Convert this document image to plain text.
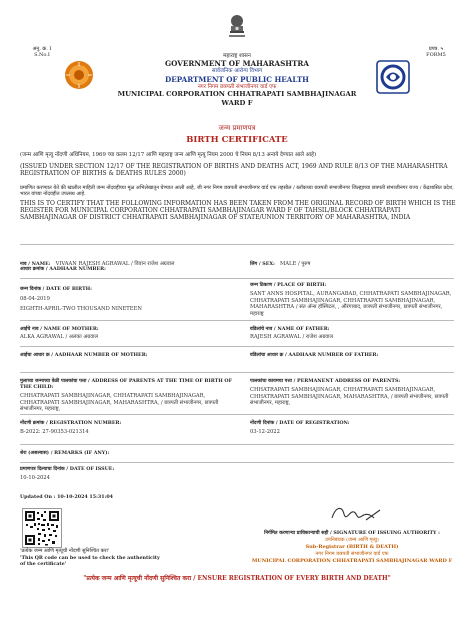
अनु. क्र. I
S.No.I
प्रपत्र. ५
FORM5
महाराष्ट्र शासन
GOVERNMENT OF MAHARASHTRA
सार्वजनिक आरोग्य विभाग
DEPARTMENT OF PUBLIC HEALTH
नगर निगम छत्रपती संभाजीनगर वार्ड एफ
MUNICIPAL CORPORATION CHHATRAPATI SAMBHAJINAGAR
WARD F
जन्म प्रमाणपत्र
BIRTH CERTIFICATE
(जन्म आणि मृत्यु नोंदणी अधिनियम, 1969 च्या कलम 12/17 आणि महाराष्ट्र जन्म आणि मृत्यू नियम 2000 चे नियम 8/13 अन्वये देण्यात आले आहे)
(ISSUED UNDER SECTION 12/17 OF THE REGISTRATION OF BIRTHS AND DEATHS ACT, 1969 AND RULE 8/13 OF THE MAHARASHTRA REGISTRATION OF BIRTHS & DEATHS RULES 2000)
प्रमाणित करण्यात येते की खालील माहिती जन्म नोंदवहीच्या मूळ अभिलेखातून घेण्यात आली आहे, जी नगर निगम छत्रपती संभाजीनगर वार्ड एफ तहसील / ब्लॉकच्या छत्रपती संभाजीनगर जिल्ह्याच्या छत्रपती संभाजीनगर राज्य / केंद्रशासित प्रदेश, भारत यांच्या नोंदवहीत उपलब्ध आहे.
THIS IS TO CERTIFY THAT THE FOLLOWING INFORMATION HAS BEEN TAKEN FROM THE ORIGINAL RECORD OF BIRTH WHICH IS THE REGISTER FOR MUNICIPAL CORPORATION CHHATRAPATI SAMBHAJINAGAR WARD F OF TAHSIL/BLOCK CHHATRAPATI SAMBHAJINAGAR OF DISTRICT CHHATRAPATI SAMBHAJINAGAR OF STATE/UNION TERRITORY OF MAHARASHTRA, INDIA
नाव / NAME: VIVAAN RAJESH AGRAWAL / विवान राजेश अग्रवाल	लिंग / SEX: MALE / पुरुष
आधार क्रमांक / AADHAAR NUMBER:
जन्म दिनांक / DATE OF BIRTH:
08-04-2019
EIGHTH-APRIL-TWO THOUSAND NINETEEN
जन्म ठिकाण / PLACE OF BIRTH:
SANT ANNS HOSPITAL, AURANGABAD, CHHATRAPATI SAMBHAJINAGAR, CHHATRAPATI SAMBHAJINAGAR, CHHATRAPATI SAMBHAJINAGAR, MAHARASHTRA / संत ॲन्स हॉस्पिटल, , औरंगाबाद, छत्रपती संभाजीनगर, छत्रपती संभाजीनगर, महाराष्ट्र
आईचे नाव / NAME OF MOTHER:
ALKA AGRAWAL / अलका अग्रवाल
वडिलांचे नाव / NAME OF FATHER:
RAJESH AGRAWAL / राजेश अग्रवाल
आईचा आधार क्र / AADHAAR NUMBER OF MOTHER:	वडिलांचा आधार क्र / AADHAAR NUMBER OF FATHER:
मुलाच्या जन्माच्या वेळी पालकांचा पत्ता / ADDRESS OF PARENTS AT THE TIME OF BIRTH OF THE CHILD:
CHHATRAPATI SAMBHAJINAGAR, CHHATRAPATI SAMBHAJINAGAR, CHHATRAPATI SAMBHAJINAGAR, MAHARASHTRA, / छत्रपती संभाजीनगर, छत्रपती संभाजीनगर, महाराष्ट्र,
पालकांचा कायमचा पत्ता / PERMANENT ADDRESS OF PARENTS:
CHHATRAPATI SAMBHAJINAGAR, CHHATRAPATI SAMBHAJINAGAR, CHHATRAPATI SAMBHAJINAGAR, MAHARASHTRA, / छत्रपती संभाजीनगर, छत्रपती संभाजीनगर, महाराष्ट्र,
नोंदणी क्रमांक / REGISTRATION NUMBER:
B-2022: 27-90353-021314
नोंदणी दिनांक / DATE OF REGISTRATION:
03-12-2022
शेरा (असल्यास) / REMARKS (IF ANY):
प्रमाणपत्र दिल्याचा दिनांक / DATE OF ISSUE:
10-10-2024
Updated On : 10-10-2024 15:31:04
'प्रत्येक जन्म आणि मृत्यूची नोंदणी सुनिश्चित करा'
'This QR code can be used to check the authenticity of the certificate'
निर्गमित करणाऱ्या प्राधिकाऱ्याची सही / SIGNATURE OF ISSUING AUTHORITY :
उपनिबंधक (जन्म आणि मृत्यु)
Sub-Registrar (BIRTH & DEATH)
नगर निगम छत्रपती संभाजीनगर वार्ड एफ
MUNICIPAL CORPORATION CHHATRAPATI SAMBHAJINAGAR WARD F
"प्रत्येक जन्म आणि मृत्यूची नोंदणी सुनिश्चित करा / ENSURE REGISTRATION OF EVERY BIRTH AND DEATH"
